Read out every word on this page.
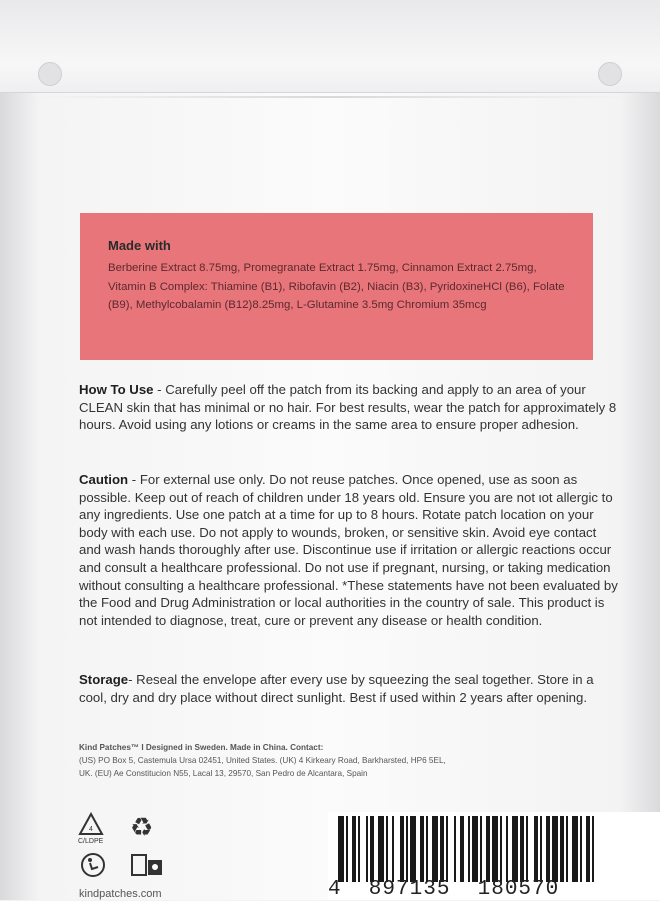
Made with
Berberine Extract 8.75mg, Promegranate Extract 1.75mg, Cinnamon Extract 2.75mg, Vitamin B Complex: Thiamine (B1), Ribofavin (B2), Niacin (B3), PyridoxineHCl (B6), Folate (B9), Methylcobalamin (B12)8.25mg, L-Glutamine 3.5mg Chromium 35mcg
How To Use - Carefully peel off the patch from its backing and apply to an area of your CLEAN skin that has minimal or no hair. For best results, wear the patch for approximately 8 hours. Avoid using any lotions or creams in the same area to ensure proper adhesion.
Caution - For external use only. Do not reuse patches. Once opened, use as soon as possible. Keep out of reach of children under 18 years old. Ensure you are not ιot allergic to any ingredients. Use one patch at a time for up to 8 hours. Rotate patch location on your body with each use. Do not apply to wounds, broken, or sensitive skin. Avoid eye contact and wash hands thoroughly after use. Discontinue use if irritation or allergic reactions occur and consult a healthcare professional. Do not use if pregnant, nursing, or taking medication without consulting a healthcare professional. *These statements have not been evaluated by the Food and Drug Administration or local authorities in the country of sale. This product is not intended to diagnose, treat, cure or prevent any disease or health condition.
Storage- Reseal the envelope after every use by squeezing the seal together. Store in a cool, dry and dry place without direct sunlight. Best if used within 2 years after opening.
Kind Patches™ I Designed in Sweden. Made in China. Contact:
(US) PO Box 5, Castemula Ursa 02451, United States. (UK) 4 Kirkeary Road, Barkharsted, HP6 5EL,
UK. (EU) Ae Constitucion N55, Lacal 13, 29570, San Pedro de Alcantara, Spain
4
C/LDPE ♻
kindpatches.com	4  897135  180570
